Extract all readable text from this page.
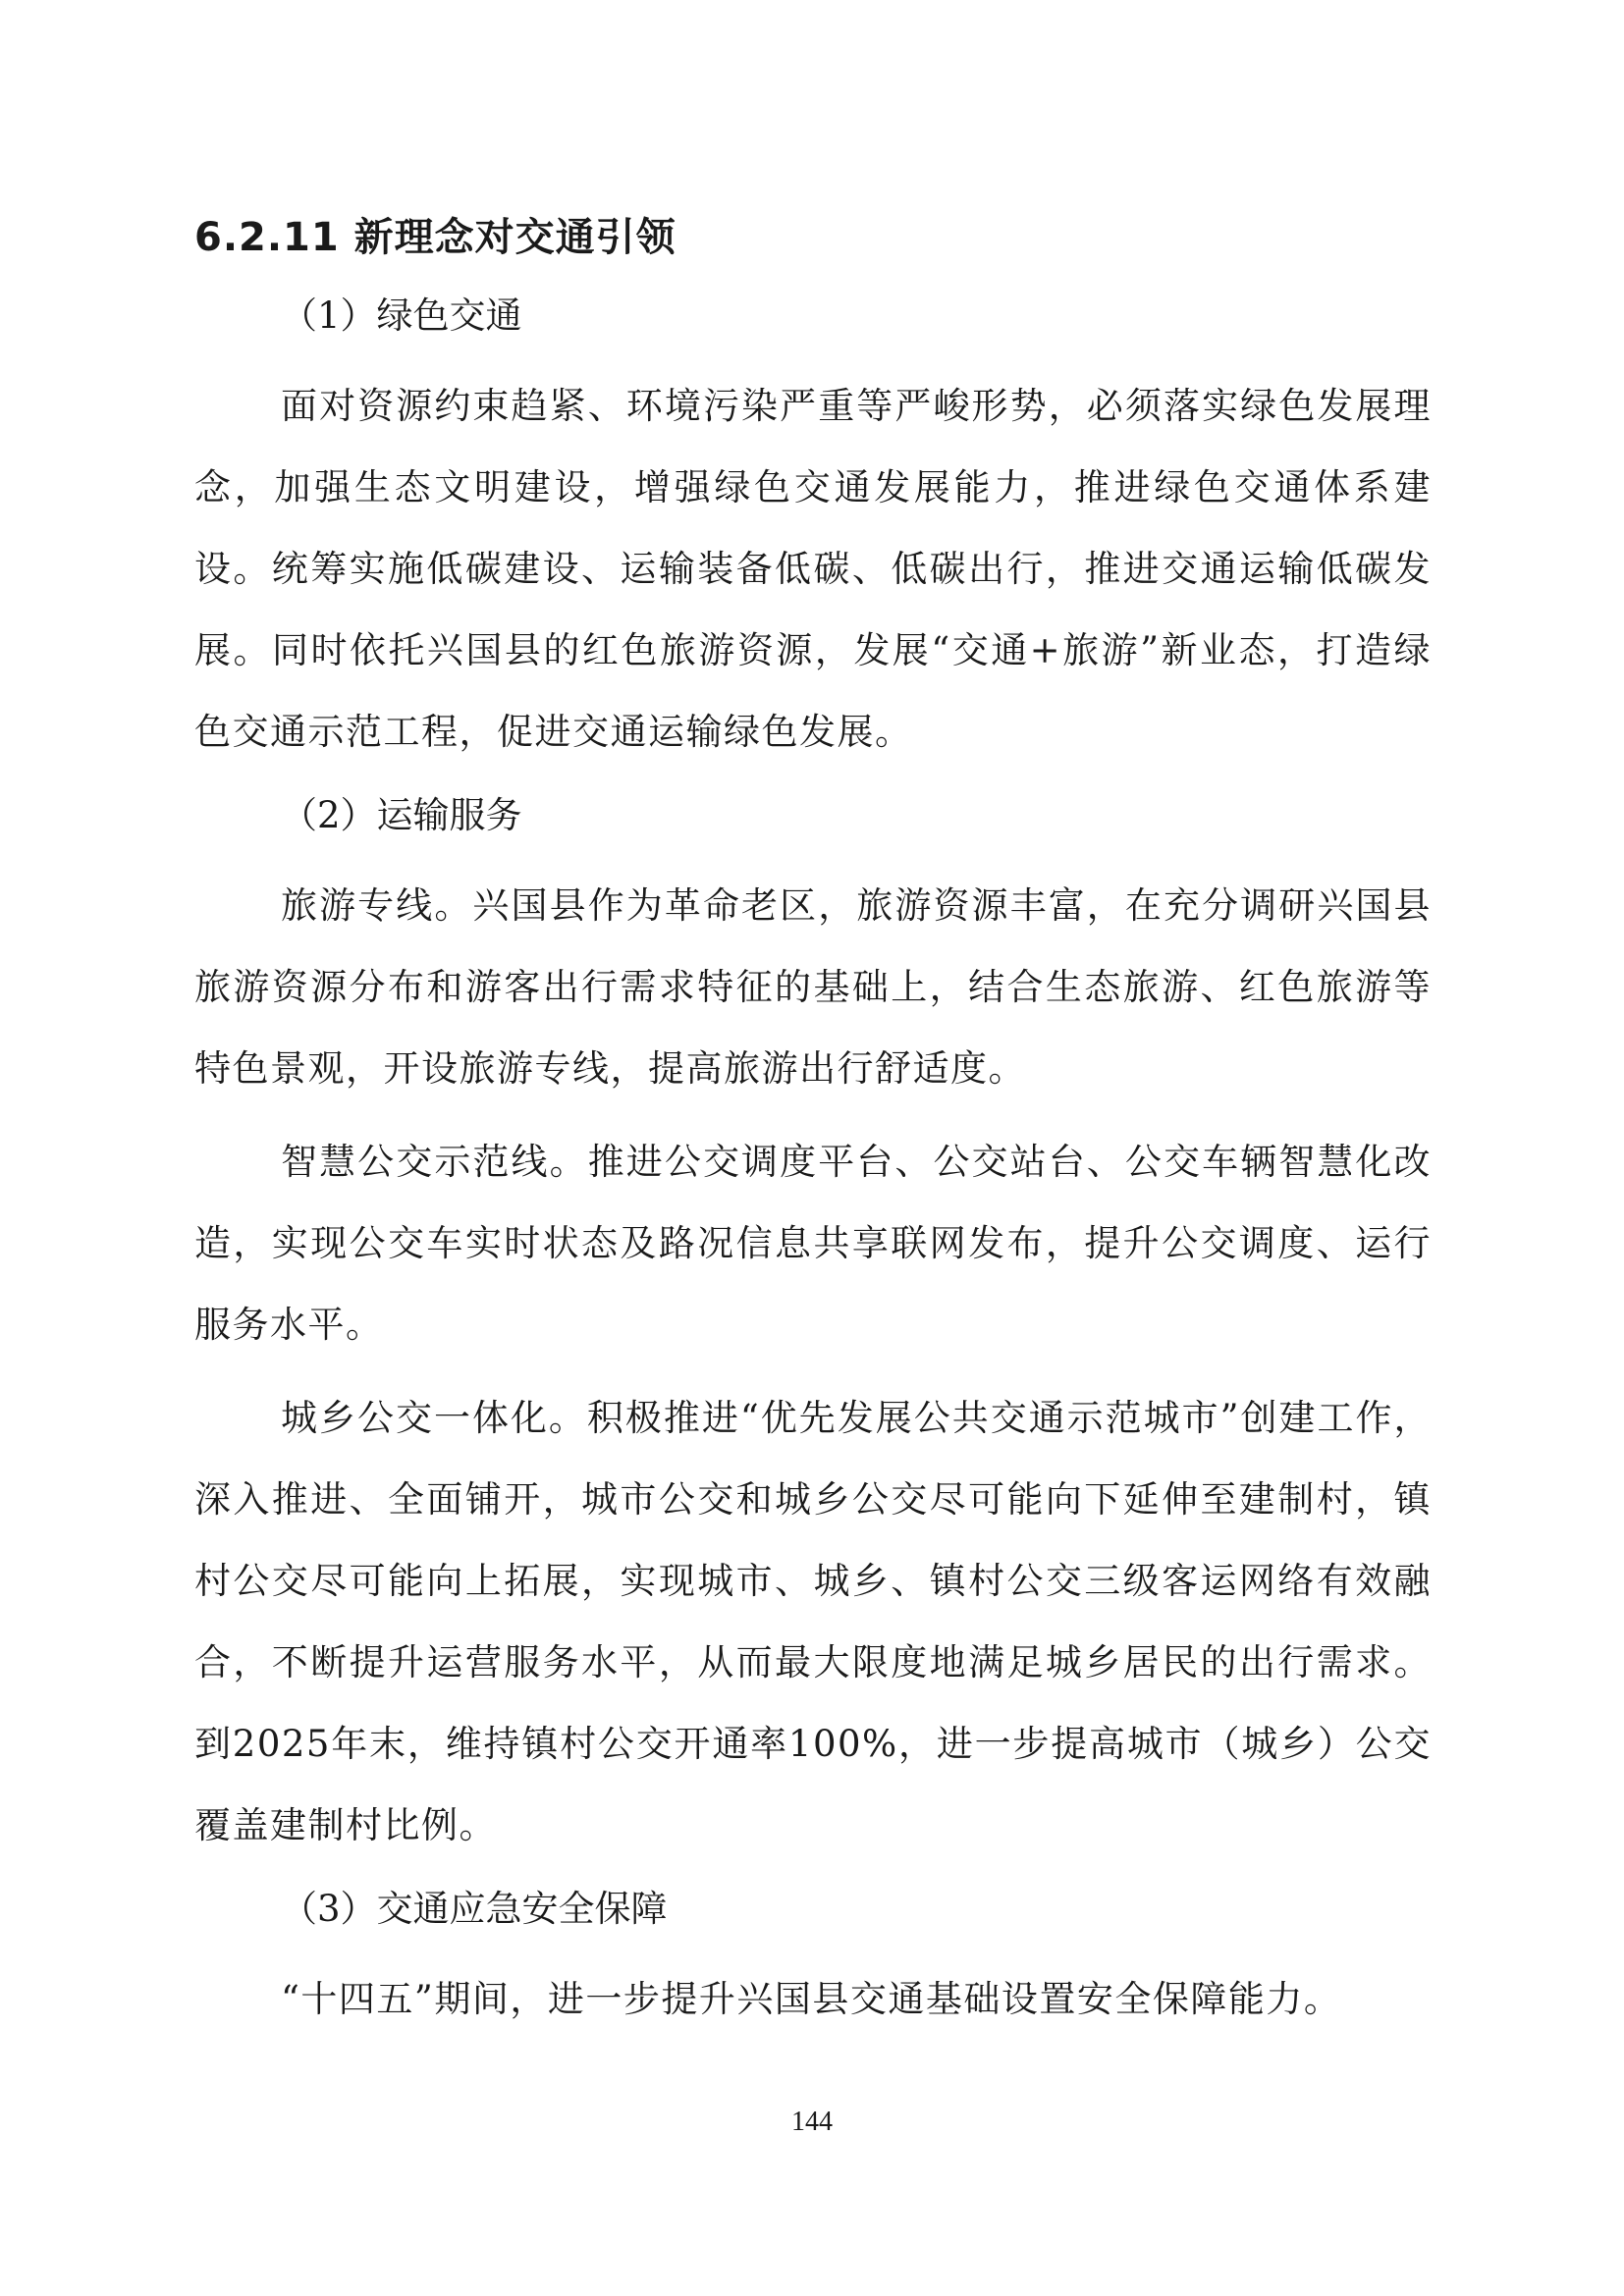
6.2.11 新理念对交通引领
（1）绿色交通

面对资源约束趋紧、环境污染严重等严峻形势，必须落实绿色发展理念，加强生态文明建设，增强绿色交通发展能力，推进绿色交通体系建设。统筹实施低碳建设、运输装备低碳、低碳出行，推进交通运输低碳发展。同时依托兴国县的红色旅游资源，发展“交通+旅游”新业态，打造绿色交通示范工程，促进交通运输绿色发展。

（2）运输服务

旅游专线。兴国县作为革命老区，旅游资源丰富，在充分调研兴国县旅游资源分布和游客出行需求特征的基础上，结合生态旅游、红色旅游等特色景观，开设旅游专线，提高旅游出行舒适度。

智慧公交示范线。推进公交调度平台、公交站台、公交车辆智慧化改造，实现公交车实时状态及路况信息共享联网发布，提升公交调度、运行服务水平。

城乡公交一体化。积极推进“优先发展公共交通示范城市”创建工作，深入推进、全面铺开，城市公交和城乡公交尽可能向下延伸至建制村，镇村公交尽可能向上拓展，实现城市、城乡、镇村公交三级客运网络有效融合，不断提升运营服务水平，从而最大限度地满足城乡居民的出行需求。到2025年末，维持镇村公交开通率100%，进一步提高城市（城乡）公交覆盖建制村比例。

（3）交通应急安全保障

“十四五”期间，进一步提升兴国县交通基础设置安全保障能力。

144
